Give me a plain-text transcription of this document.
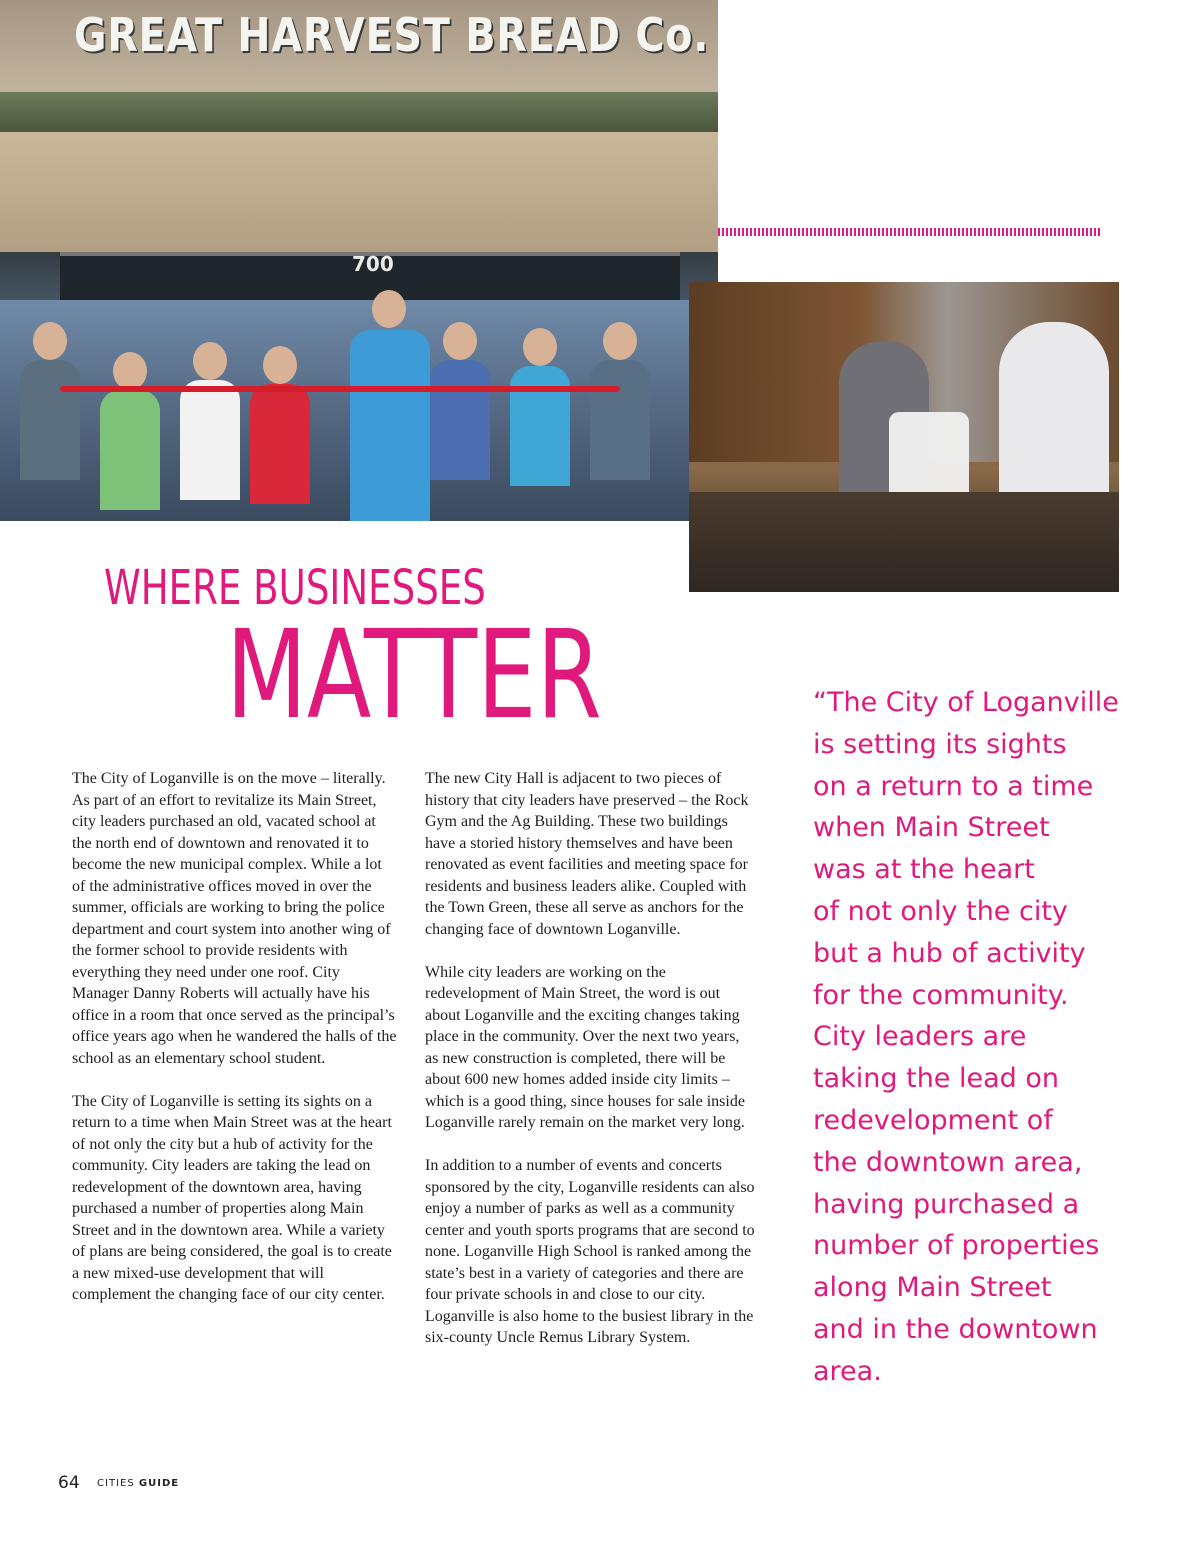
GREAT HARVEST BREAD Co.
700
WHERE BUSINESSES
MATTER

The City of Loganville is on the move – literally. As part of an effort to revitalize its Main Street, city leaders purchased an old, vacated school at the north end of downtown and renovated it to become the new municipal complex. While a lot of the administrative offices moved in over the summer, officials are working to bring the police department and court system into another wing of the former school to provide residents with everything they need under one roof. City Manager Danny Roberts will actually have his office in a room that once served as the principal’s office years ago when he wandered the halls of the school as an elementary school student.

The City of Loganville is setting its sights on a return to a time when Main Street was at the heart of not only the city but a hub of activity for the community. City leaders are taking the lead on redevelopment of the downtown area, having purchased a number of properties along Main Street and in the downtown area. While a variety of plans are being considered, the goal is to create a new mixed-use development that will complement the changing face of our city center.

The new City Hall is adjacent to two pieces of history that city leaders have preserved – the Rock Gym and the Ag Building. These two buildings have a storied history themselves and have been renovated as event facilities and meeting space for residents and business leaders alike. Coupled with the Town Green, these all serve as anchors for the changing face of downtown Loganville.

While city leaders are working on the redevelopment of Main Street, the word is out about Loganville and the exciting changes taking place in the community. Over the next two years, as new construction is completed, there will be about 600 new homes added inside city limits – which is a good thing, since houses for sale inside Loganville rarely remain on the market very long.

In addition to a number of events and concerts sponsored by the city, Loganville residents can also enjoy a number of parks as well as a community center and youth sports programs that are second to none. Loganville High School is ranked among the state’s best in a variety of categories and there are four private schools in and close to our city. Loganville is also home to the busiest library in the six-county Uncle Remus Library System.

“The City of Loganville
is setting its sights
on a return to a time
when Main Street
was at the heart
of not only the city
but a hub of activity
for the community.
City leaders are
taking the lead on
redevelopment of
the downtown area,
having purchased a
number of properties
along Main Street
and in the downtown
area.
64 CITIES GUIDE
